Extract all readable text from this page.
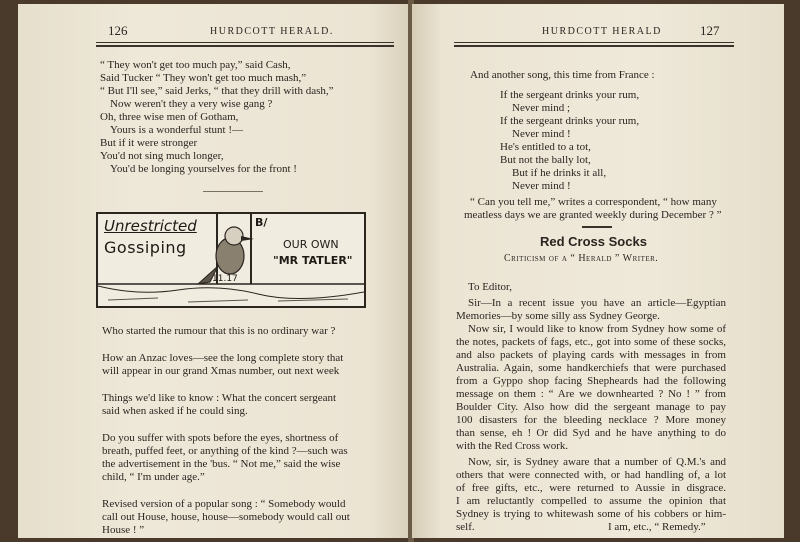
126	HURDCOTT HERALD.
“ They won't get too much pay,” said Cash,
Said Tucker “ They won't get too much mash,”
“ But I'll see,” said Jerks, “ that they drill with dash,”
Now weren't they a very wise gang ?
Oh, three wise men of Gotham,
Yours is a wonderful stunt !—
But if it were stronger
You'd not sing much longer,
You'd be longing yourselves for the front !
Unrestricted
Gossiping
B/
OUR OWN
"MR TATLER"
11.17
Who started the rumour that this is no ordinary war ?
How an Anzac loves—see the long complete story that
will appear in our grand Xmas number, out next week
Things we'd like to know : What the concert sergeant
said when asked if he could sing.
Do you suffer with spots before the eyes, shortness of
breath, puffed feet, or anything of the kind ?—such was
the advertisement in the 'bus. “ Not me,” said the wise
child, “ I'm under age.”
Revised version of a popular song : “ Somebody would
call out House, house, house—somebody would call out
House ! ”
HURDCOTT HERALD	127
And another song, this time from France :
If the sergeant drinks your rum,
Never mind ;
If the sergeant drinks your rum,
Never mind !
He's entitled to a tot,
But not the bally lot,
But if he drinks it all,
Never mind !
“ Can you tell me,” writes a correspondent, “ how many
meatless days we are granted weekly during December ? ”
Red Cross Socks
Criticism of a “ Herald ” Writer.
To Editor,
Sir—In a recent issue you have an article—Egyptian
Memories—by some silly ass Sydney George.
Now sir, I would like to know from Sydney how some of
the notes, packets of fags, etc., got into some of these socks,
and also packets of playing cards with messages in from
Australia. Again, some handkerchiefs that were purchased
from a Gyppo shop facing Shepheards had the following
message on them : “ Are we downhearted ? No ! ” from
Boulder City. Also how did the sergeant manage to pay
100 disasters for the bleeding necklace ? More money
than sense, eh ! Or did Syd and he have anything to do
with the Red Cross work.
Now, sir, is Sydney aware that a number of Q.M.'s and
others that were connected with, or had handling of, a lot
of free gifts, etc., were returned to Aussie in disgrace.
I am reluctantly compelled to assume the opinion that
Sydney is trying to whitewash some of his cobbers or him-
self.	I am, etc., “ Remedy.”
